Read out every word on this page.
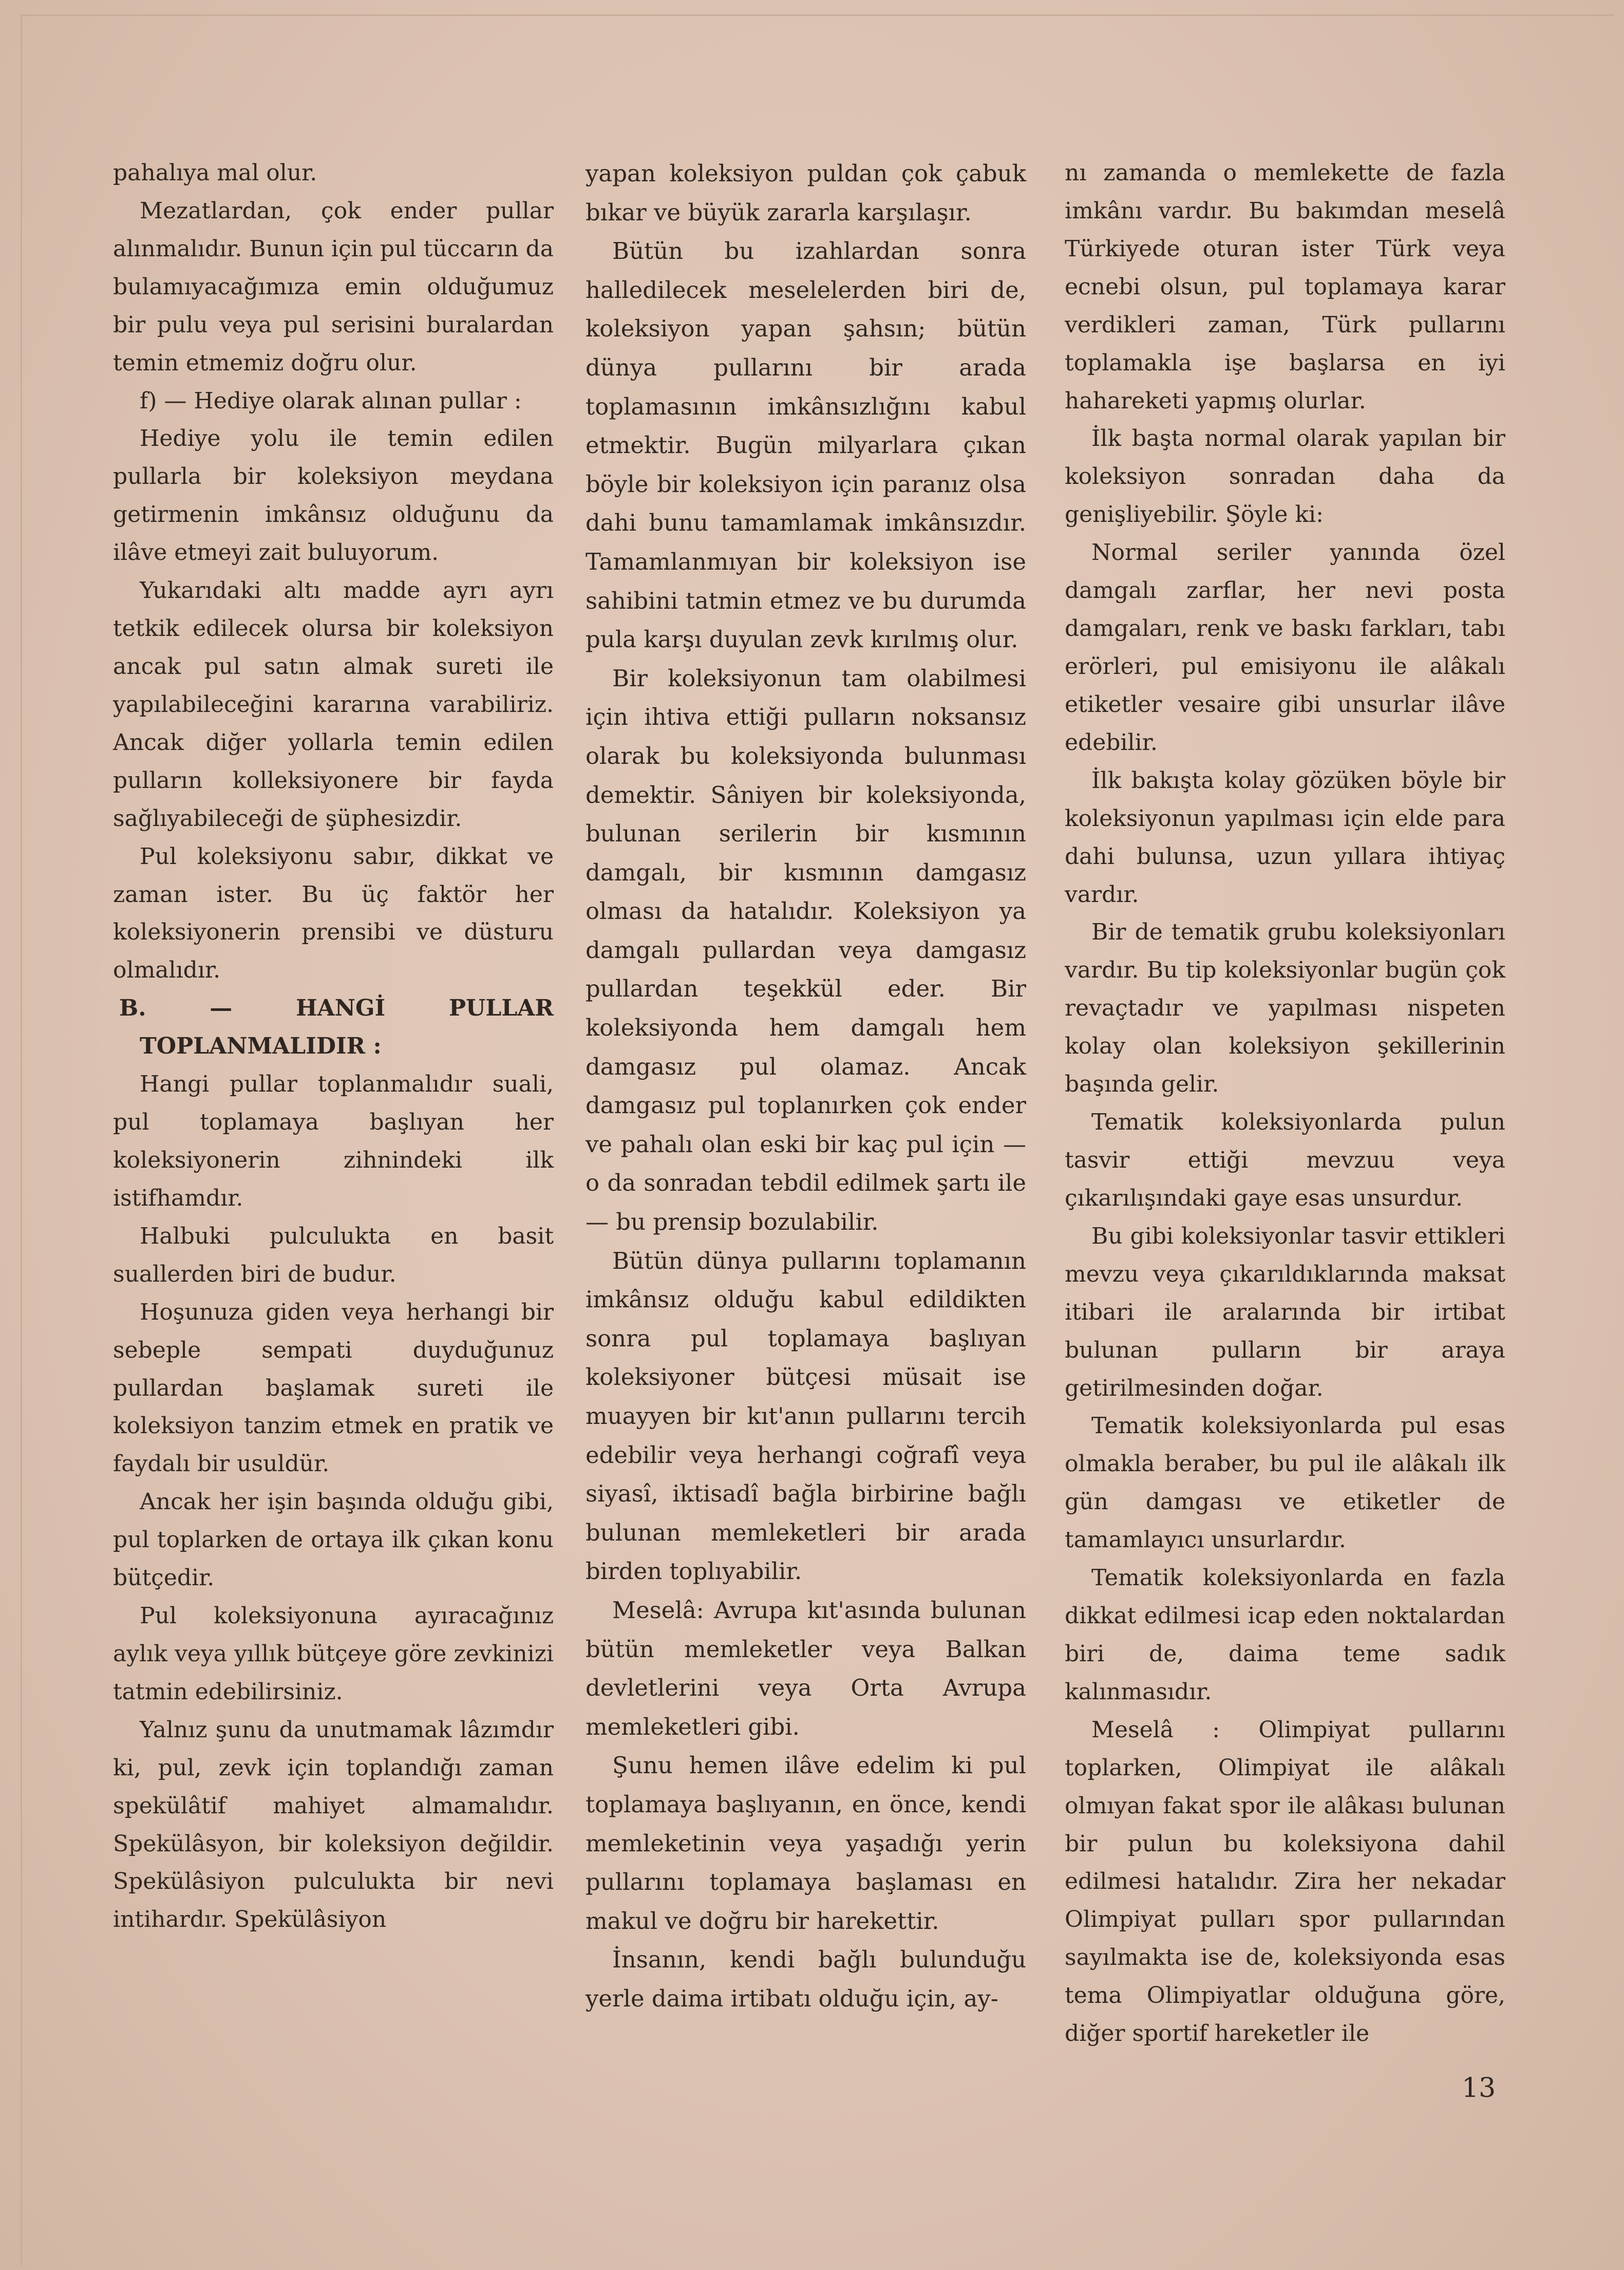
pahalıya mal olur.

Mezatlardan, çok ender pullar alınmalıdır. Bunun için pul tüccarın da bulamıyacağımıza emin olduğumuz bir pulu veya pul serisini buralardan temin etmemiz doğru olur.

f) — Hediye olarak alınan pullar :

Hediye yolu ile temin edilen pullarla bir koleksiyon meydana getirmenin imkânsız olduğunu da ilâve etmeyi zait buluyorum.

Yukarıdaki altı madde ayrı ayrı tetkik edilecek olursa bir koleksiyon ancak pul satın almak sureti ile yapılabileceğini kararına varabiliriz. Ancak diğer yollarla temin edilen pulların kolleksiyonere bir fayda sağlıyabileceği de şüphesizdir.

Pul koleksiyonu sabır, dikkat ve zaman ister. Bu üç faktör her koleksiyonerin prensibi ve düsturu olmalıdır.

B. — HANGİ PULLAR TOPLANMALIDIR :

Hangi pullar toplanmalıdır suali, pul toplamaya başlıyan her koleksiyonerin zihnindeki ilk istifhamdır.

Halbuki pulculukta en basit suallerden biri de budur.

Hoşunuza giden veya herhangi bir sebeple sempati duyduğunuz pullardan başlamak sureti ile koleksiyon tanzim etmek en pratik ve faydalı bir usuldür.

Ancak her işin başında olduğu gibi, pul toplarken de ortaya ilk çıkan konu bütçedir.

Pul koleksiyonuna ayıracağınız aylık veya yıllık bütçeye göre zevkinizi tatmin edebilirsiniz.

Yalnız şunu da unutmamak lâzımdır ki, pul, zevk için toplandığı zaman spekülâtif mahiyet almamalıdır. Spekülâsyon, bir koleksiyon değildir. Spekülâsiyon pulculukta bir nevi intihardır. Spekülâsiyon

yapan koleksiyon puldan çok çabuk bıkar ve büyük zararla karşılaşır.

Bütün bu izahlardan sonra halledilecek meselelerden biri de, koleksiyon yapan şahsın; bütün dünya pullarını bir arada toplamasının imkânsızlığını kabul etmektir. Bugün milyarlara çıkan böyle bir koleksiyon için paranız olsa dahi bunu tamamlamak imkânsızdır. Tamamlanmıyan bir koleksiyon ise sahibini tatmin etmez ve bu durumda pula karşı duyulan zevk kırılmış olur.

Bir koleksiyonun tam olabilmesi için ihtiva ettiği pulların noksansız olarak bu koleksiyonda bulunması demektir. Sâniyen bir koleksiyonda, bulunan serilerin bir kısmının damgalı, bir kısmının damgasız olması da hatalıdır. Koleksiyon ya damgalı pullardan veya damgasız pullardan teşekkül eder. Bir koleksiyonda hem damgalı hem damgasız pul olamaz. Ancak damgasız pul toplanırken çok ender ve pahalı olan eski bir kaç pul için — o da sonradan tebdil edilmek şartı ile — bu prensip bozulabilir.

Bütün dünya pullarını toplamanın imkânsız olduğu kabul edildikten sonra pul toplamaya başlıyan koleksiyoner bütçesi müsait ise muayyen bir kıt'anın pullarını tercih edebilir veya herhangi coğrafî veya siyasî, iktisadî bağla birbirine bağlı bulunan memleketleri bir arada birden toplıyabilir.

Meselâ: Avrupa kıt'asında bulunan bütün memleketler veya Balkan devletlerini veya Orta Avrupa memleketleri gibi.

Şunu hemen ilâve edelim ki pul toplamaya başlıyanın, en önce, kendi memleketinin veya yaşadığı yerin pullarını toplamaya başlaması en makul ve doğru bir harekettir.

İnsanın, kendi bağlı bulunduğu yerle daima irtibatı olduğu için, ay-

nı zamanda o memlekette de fazla imkânı vardır. Bu bakımdan meselâ Türkiyede oturan ister Türk veya ecnebi olsun, pul toplamaya karar verdikleri zaman, Türk pullarını toplamakla işe başlarsa en iyi hahareketi yapmış olurlar.

İlk başta normal olarak yapılan bir koleksiyon sonradan daha da genişliyebilir. Şöyle ki:

Normal seriler yanında özel damgalı zarflar, her nevi posta damgaları, renk ve baskı farkları, tabı erörleri, pul emisiyonu ile alâkalı etiketler vesaire gibi unsurlar ilâve edebilir.

İlk bakışta kolay gözüken böyle bir koleksiyonun yapılması için elde para dahi bulunsa, uzun yıllara ihtiyaç vardır.

Bir de tematik grubu koleksiyonları vardır. Bu tip koleksiyonlar bugün çok revaçtadır ve yapılması nispeten kolay olan koleksiyon şekillerinin başında gelir.

Tematik koleksiyonlarda pulun tasvir ettiği mevzuu veya çıkarılışındaki gaye esas unsurdur.

Bu gibi koleksiyonlar tasvir ettikleri mevzu veya çıkarıldıklarında maksat itibari ile aralarında bir irtibat bulunan pulların bir araya getirilmesinden doğar.

Tematik koleksiyonlarda pul esas olmakla beraber, bu pul ile alâkalı ilk gün damgası ve etiketler de tamamlayıcı unsurlardır.

Tematik koleksiyonlarda en fazla dikkat edilmesi icap eden noktalardan biri de, daima teme sadık kalınmasıdır.

Meselâ : Olimpiyat pullarını toplarken, Olimpiyat ile alâkalı olmıyan fakat spor ile alâkası bulunan bir pulun bu koleksiyona dahil edilmesi hatalıdır. Zira her nekadar Olimpiyat pulları spor pullarından sayılmakta ise de, koleksiyonda esas tema Olimpiyatlar olduğuna göre, diğer sportif hareketler ile

13
